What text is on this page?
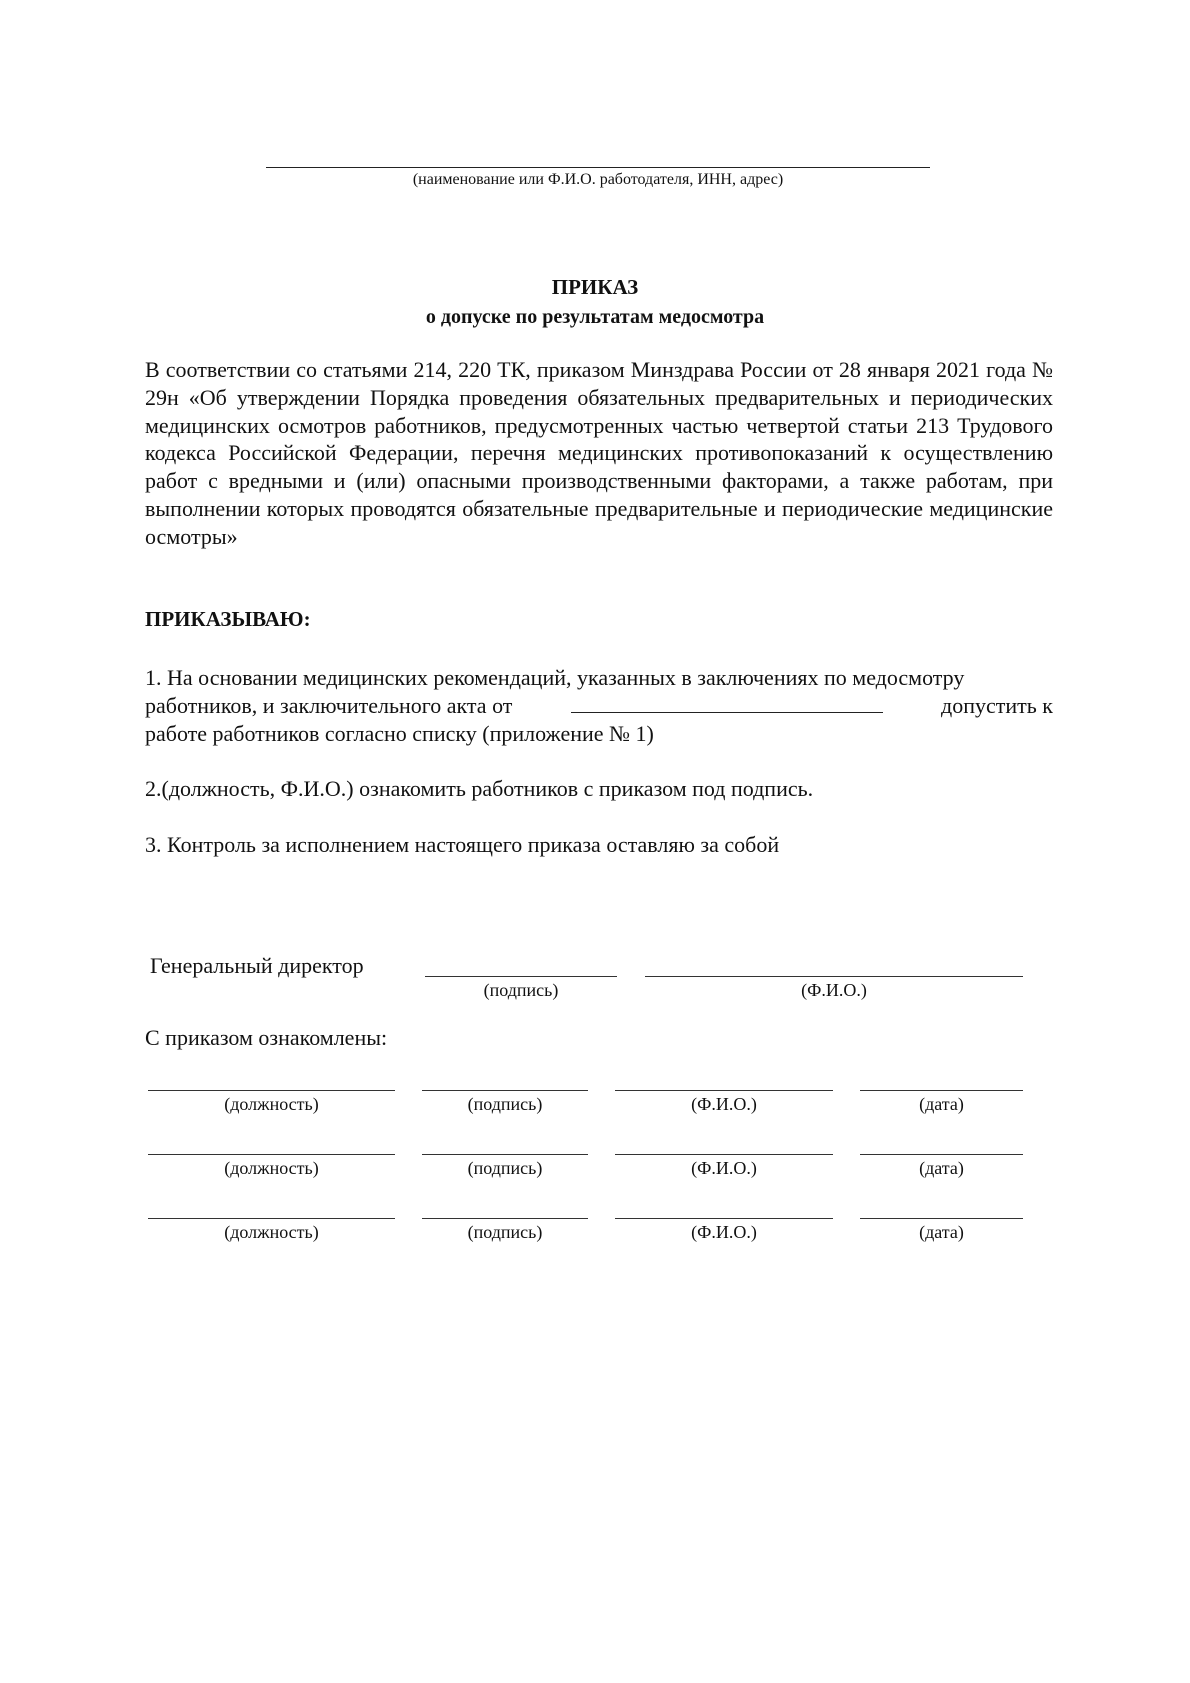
(наименование или Ф.И.О. работодателя, ИНН, адрес)
ПРИКАЗ
о допуске по результатам медосмотра

В соответствии со статьями 214, 220 ТК, приказом Минздрава России от 28 января 2021 года № 29н «Об утверждении Порядка проведения обязательных предварительных и периодических медицинских осмотров работников, предусмотренных частью четвертой статьи 213 Трудового кодекса Российской Федерации, перечня медицинских противопоказаний к осуществлению работ с вредными и (или) опасными производственными факторами, а также работам, при выполнении которых проводятся обязательные предварительные и периодические медицинские осмотры»

ПРИКАЗЫВАЮ:
1. На основании медицинских рекомендаций, указанных в заключениях по медосмотру
работников, и заключительного акта от	допустить к
работе работников согласно списку (приложение № 1)
2.(должность, Ф.И.О.) ознакомить работников с приказом под подпись.
3. Контроль за исполнением настоящего приказа оставляю за собой
Генеральный директор
(подпись)	(Ф.И.О.)
С приказом ознакомлены:
(должность)	(подпись)	(Ф.И.О.)	(дата)
(должность)	(подпись)	(Ф.И.О.)	(дата)
(должность)	(подпись)	(Ф.И.О.)	(дата)
